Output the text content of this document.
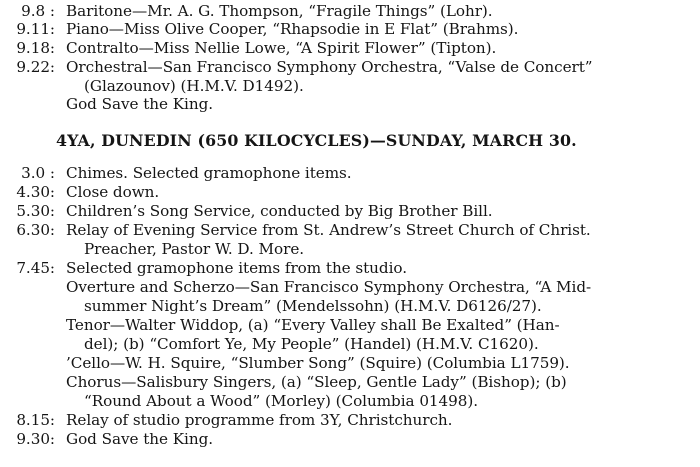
9.8 : Baritone—Mr. A. G. Thompson, “Fragile Things” (Lohr).
9.11: Piano—Miss Olive Cooper, “Rhapsodie in E Flat” (Brahms).
9.18: Contralto—Miss Nellie Lowe, “A Spirit Flower” (Tipton).
9.22: Orchestral—San Francisco Symphony Orchestra, “Valse de Concert”
(Glazounov) (H.M.V. D1492).
God Save the King.
4YA, DUNEDIN (650 KILOCYCLES)—SUNDAY, MARCH 30.
3.0 : Chimes. Selected gramophone items.
4.30: Close down.
5.30: Children’s Song Service, conducted by Big Brother Bill.
6.30: Relay of Evening Service from St. Andrew’s Street Church of Christ.
Preacher, Pastor W. D. More.
7.45: Selected gramophone items from the studio.
Overture and Scherzo—San Francisco Symphony Orchestra, “A Mid-
summer Night’s Dream” (Mendelssohn) (H.M.V. D6126/27).
Tenor—Walter Widdop, (a) “Every Valley shall Be Exalted” (Han-
del); (b) “Comfort Ye, My People” (Handel) (H.M.V. C1620).
’Cello—W. H. Squire, “Slumber Song” (Squire) (Columbia L1759).
Chorus—Salisbury Singers, (a) “Sleep, Gentle Lady” (Bishop); (b)
“Round About a Wood” (Morley) (Columbia 01498).
8.15: Relay of studio programme from 3Y, Christchurch.
9.30: God Save the King.
